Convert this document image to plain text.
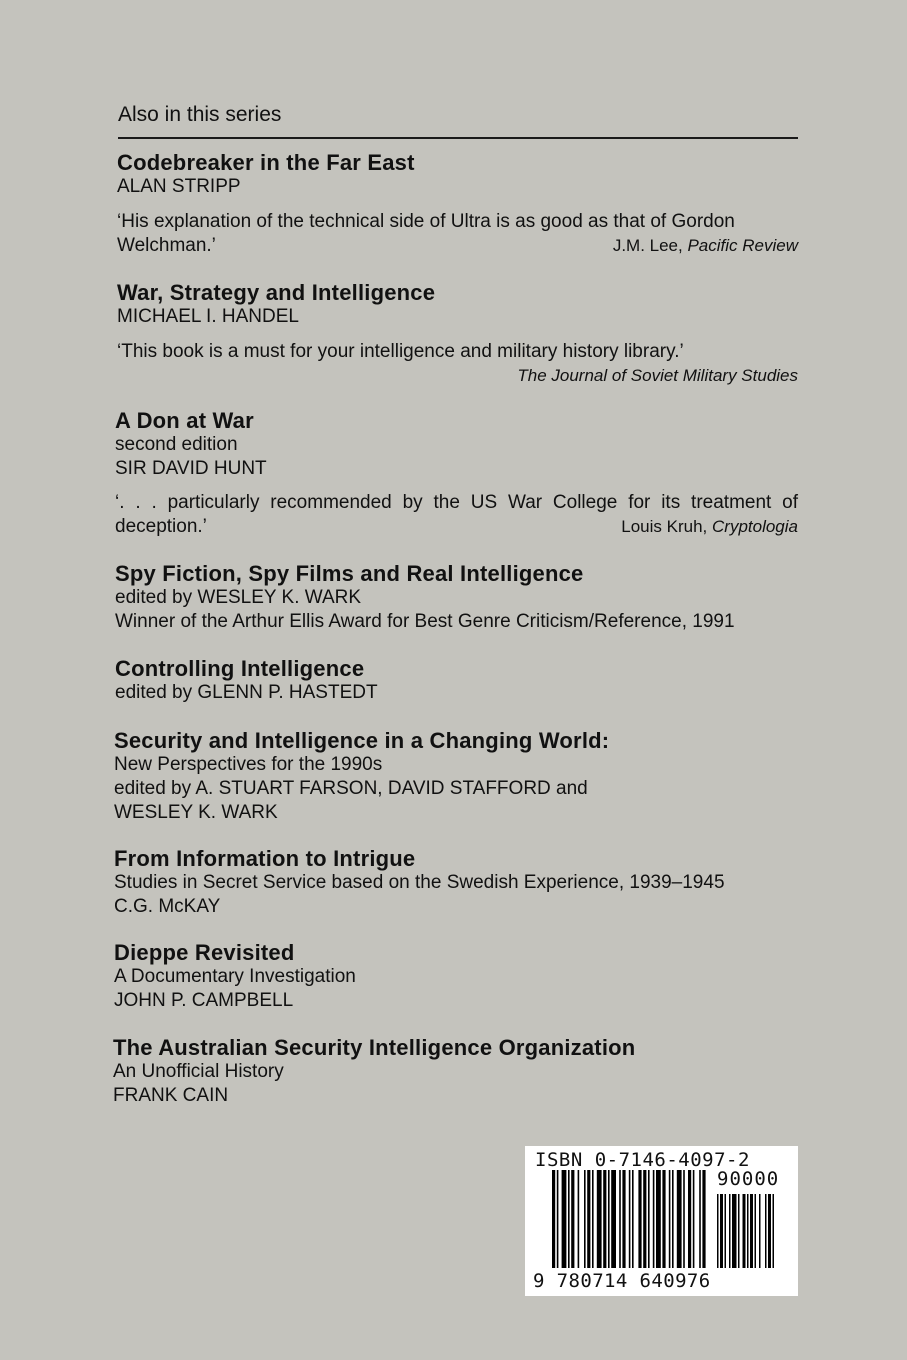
Also in this series
Codebreaker in the Far East
ALAN STRIPP
‘His explanation of the technical side of Ultra is as good as that of Gordon
Welchman.’	J.M. Lee, Pacific Review
War, Strategy and Intelligence
MICHAEL I. HANDEL
‘This book is a must for your intelligence and military history library.’
The Journal of Soviet Military Studies
A Don at War
second edition
SIR DAVID HUNT
‘. . . particularly recommended by the US War College for its treatment of
deception.’	Louis Kruh, Cryptologia
Spy Fiction, Spy Films and Real Intelligence
edited by WESLEY K. WARK
Winner of the Arthur Ellis Award for Best Genre Criticism/Reference, 1991
Controlling Intelligence
edited by GLENN P. HASTEDT
Security and Intelligence in a Changing World:
New Perspectives for the 1990s
edited by A. STUART FARSON, DAVID STAFFORD and
WESLEY K. WARK
From Information to Intrigue
Studies in Secret Service based on the Swedish Experience, 1939–1945
C.G. McKAY
Dieppe Revisited
A Documentary Investigation
JOHN P. CAMPBELL
The Australian Security Intelligence Organization
An Unofficial History
FRANK CAIN
ISBN 0-7146-4097-2
90000
9 780714 640976
